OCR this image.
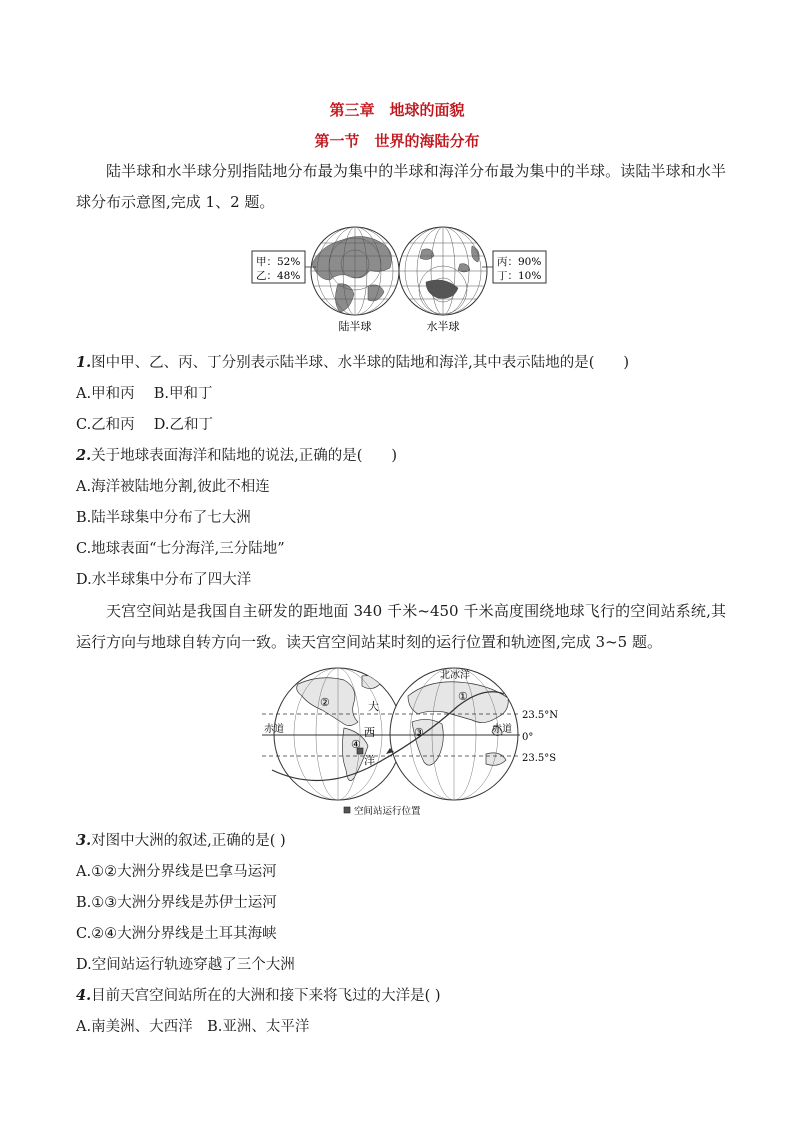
第三章　地球的面貌
第一节　世界的海陆分布

陆半球和水半球分别指陆地分布最为集中的半球和海洋分布最为集中的半球。读陆半球和水半球分布示意图,完成 1、2 题。

甲：52%
乙：48%
丙：90%
丁：10%
陆半球	水半球

1.图中甲、乙、丙、丁分别表示陆半球、水半球的陆地和海洋,其中表示陆地的是(　　)

A.甲和丙　 B.甲和丁

C.乙和丙　 D.乙和丁

2.关于地球表面海洋和陆地的说法,正确的是(　　)

A.海洋被陆地分割,彼此不相连

B.陆半球集中分布了七大洲

C.地球表面“七分海洋,三分陆地”

D.水半球集中分布了四大洋

天宫空间站是我国自主研发的距地面 340 千米~450 千米高度围绕地球飞行的空间站系统,其运行方向与地球自转方向一致。读天宫空间站某时刻的运行位置和轨迹图,完成 3~5 题。

北冰洋
①
②
③
④
大
西
洋
赤道	赤道
23.5°N
0°
23.5°S
空间站运行位置

3.对图中大洲的叙述,正确的是( )

A.①②大洲分界线是巴拿马运河

B.①③大洲分界线是苏伊士运河

C.②④大洲分界线是土耳其海峡

D.空间站运行轨迹穿越了三个大洲

4.目前天宫空间站所在的大洲和接下来将飞过的大洋是( )

A.南美洲、大西洋　B.亚洲、太平洋
